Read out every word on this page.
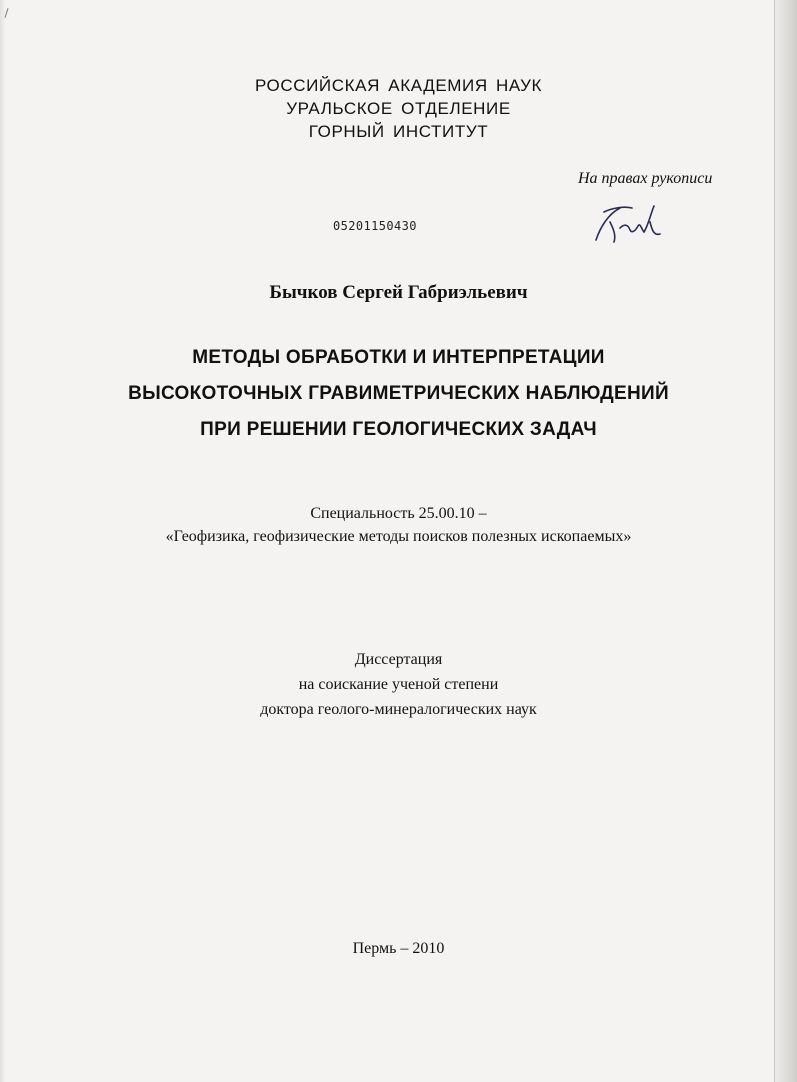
РОССИЙСКАЯ АКАДЕМИЯ НАУК
УРАЛЬСКОЕ ОТДЕЛЕНИЕ
ГОРНЫЙ ИНСТИТУТ
На правах рукописи
05201150430
Бычков Сергей Габриэльевич
МЕТОДЫ ОБРАБОТКИ И ИНТЕРПРЕТАЦИИ
ВЫСОКОТОЧНЫХ ГРАВИМЕТРИЧЕСКИХ НАБЛЮДЕНИЙ
ПРИ РЕШЕНИИ ГЕОЛОГИЧЕСКИХ ЗАДАЧ
Специальность 25.00.10 –
«Геофизика, геофизические методы поисков полезных ископаемых»
Диссертация
на соискание ученой степени
доктора геолого-минералогических наук
Пермь – 2010
